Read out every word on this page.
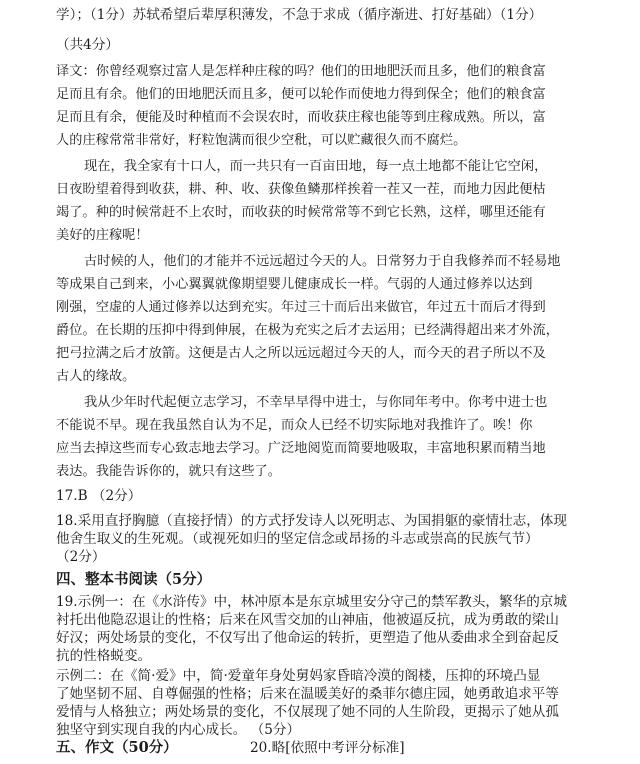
学）；（1分）苏轼希望后辈厚积薄发，不急于求成（循序渐进、打好基础）（1分）
（共4分）
译文：你曾经观察过富人是怎样种庄稼的吗？他们的田地肥沃而且多，他们的粮食富
足而且有余。他们的田地肥沃而且多，便可以轮作而使地力得到保全；他们的粮食富
足而且有余，便能及时种植而不会误农时，而收获庄稼也能等到庄稼成熟。所以，富
人的庄稼常常非常好，籽粒饱满而很少空秕，可以贮藏很久而不腐烂。
现在，我全家有十口人，而一共只有一百亩田地，每一点土地都不能让它空闲，
日夜盼望着得到收获，耕、种、收、获像鱼鳞那样挨着一茬又一茬，而地力因此便枯
竭了。种的时候常赶不上农时，而收获的时候常常等不到它长熟，这样，哪里还能有
美好的庄稼呢！
古时候的人，他们的才能并不远远超过今天的人。日常努力于自我修养而不轻易地
等成果自己到来，小心翼翼就像期望婴儿健康成长一样。气弱的人通过修养以达到
刚强，空虚的人通过修养以达到充实。年过三十而后出来做官，年过五十而后才得到
爵位。在长期的压抑中得到伸展，在极为充实之后才去运用；已经满得超出来才外流，
把弓拉满之后才放箭。这便是古人之所以远远超过今天的人，而今天的君子所以不及
古人的缘故。
我从少年时代起便立志学习，不幸早早得中进士，与你同年考中。你考中进士也
不能说不早。现在我虽然自认为不足，而众人已经不切实际地对我推许了。唉！你
应当去掉这些而专心致志地去学习。广泛地阅览而简要地吸取，丰富地积累而精当地
表达。我能告诉你的，就只有这些了。
17.B （2分）
18.采用直抒胸臆（直接抒情）的方式抒发诗人以死明志、为国捐躯的豪情壮志，体现
他舍生取义的生死观。（或视死如归的坚定信念或昂扬的斗志或崇高的民族气节）
（2分）
四、整本书阅读（5分）
19.示例一：在《水浒传》中，林冲原本是东京城里安分守己的禁军教头，繁华的京城
衬托出他隐忍退让的性格；后来在风雪交加的山神庙，他被逼反抗，成为勇敢的梁山
好汉；两处场景的变化，不仅写出了他命运的转折，更塑造了他从委曲求全到奋起反
抗的性格蜕变。
示例二：在《简·爱》中，简·爱童年身处舅妈家昏暗冷漠的阁楼，压抑的环境凸显
了她坚韧不屈、自尊倔强的性格；后来在温暖美好的桑菲尔德庄园，她勇敢追求平等
爱情与人格独立；两处场景的变化，不仅展现了她不同的人生阶段，更揭示了她从孤
独坚守到实现自我的内心成长。 （5分）
五、作文（50分）	20.略[依照中考评分标准]
